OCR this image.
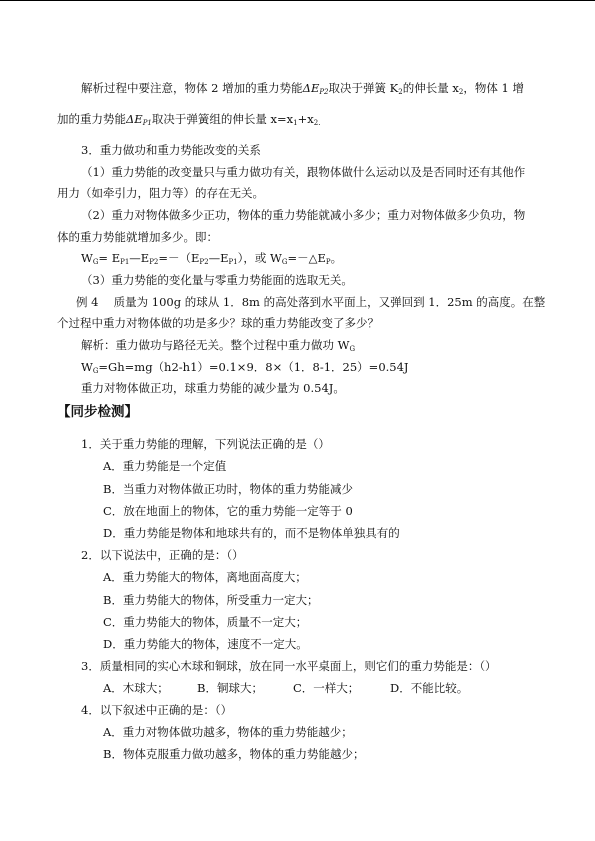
解析过程中要注意，物体 2 增加的重力势能$\Delta E_{P2}$取决于弹簧 $K_2$的伸长量 $x_2$，物体 1 增
加的重力势能$\Delta E_{P1}$取决于弹簧组的伸长量 $x=x_1+x_{2.}$
3．重力做功和重力势能改变的关系
（1）重力势能的改变量只与重力做功有关，跟物体做什么运动以及是否同时还有其他作
用力（如牵引力，阻力等）的存在无关。
（2）重力对物体做多少正功，物体的重力势能就减小多少；重力对物体做多少负功，物
体的重力势能就增加多少。即：
$W_G=$ $E_{P1}—E_{P2}=-(E_{P2}—E_{P1})$，或 $W_G=-\triangle E_P$。
（3）重力势能的变化量与零重力势能面的选取无关。
例 4　 质量为 100g 的球从 1．8m 的高处落到水平面上，又弹回到 1．25m 的高度。在整
个过程中重力对物体做的功是多少？球的重力势能改变了多少？
解析：重力做功与路径无关。整个过程中重力做功 $W_G$
$W_G=Gh=mg(h2-h1)=0.1\times 9$．8×（1．8-1．25）=0.54J
重力对物体做正功，球重力势能的减少量为 0.54J。
【同步检测】
1．关于重力势能的理解，下列说法正确的是（）
A．重力势能是一个定值
B．当重力对物体做正功时，物体的重力势能减少
C．放在地面上的物体，它的重力势能一定等于 0
D．重力势能是物体和地球共有的，而不是物体单独具有的
2．以下说法中，正确的是：（）
A．重力势能大的物体，离地面高度大；
B．重力势能大的物体，所受重力一定大；
C．重力势能大的物体，质量不一定大；
D．重力势能大的物体，速度不一定大。
3．质量相同的实心木球和铜球，放在同一水平桌面上，则它们的重力势能是：（）
A．木球大； B．铜球大；	C．一样大；	D．不能比较。
4．以下叙述中正确的是：（）
A．重力对物体做功越多，物体的重力势能越少；
B．物体克服重力做功越多，物体的重力势能越少；
